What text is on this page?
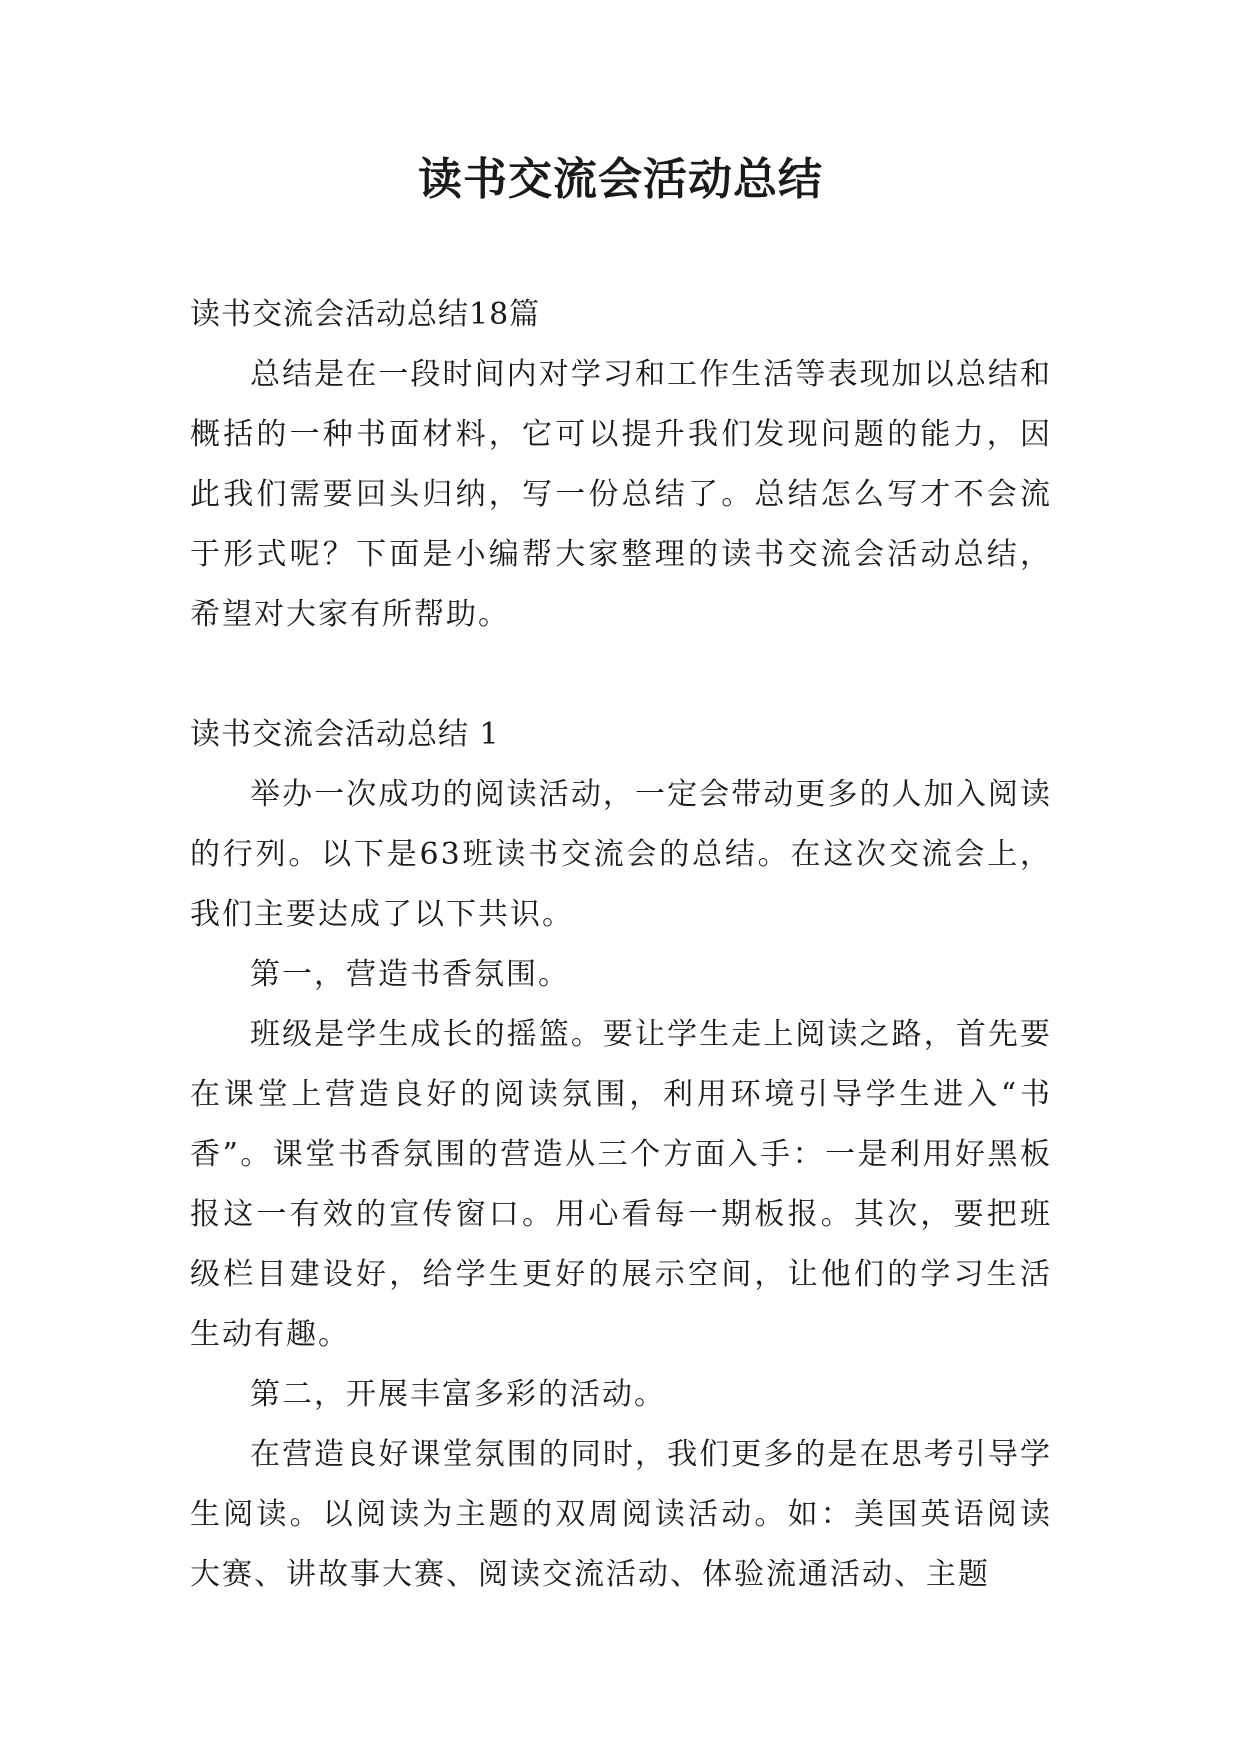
读书交流会活动总结

读书交流会活动总结18篇

总结是在一段时间内对学习和工作生活等表现加以总结和概括的一种书面材料，它可以提升我们发现问题的能力，因此我们需要回头归纳，写一份总结了。总结怎么写才不会流于形式呢？下面是小编帮大家整理的读书交流会活动总结，希望对大家有所帮助。

读书交流会活动总结 1

举办一次成功的阅读活动，一定会带动更多的人加入阅读的行列。以下是63班读书交流会的总结。在这次交流会上，我们主要达成了以下共识。

第一，营造书香氛围。

班级是学生成长的摇篮。要让学生走上阅读之路，首先要在课堂上营造良好的阅读氛围，利用环境引导学生进入“书香”。课堂书香氛围的营造从三个方面入手：一是利用好黑板报这一有效的宣传窗口。用心看每一期板报。其次，要把班级栏目建设好，给学生更好的展示空间，让他们的学习生活生动有趣。

第二，开展丰富多彩的活动。

在营造良好课堂氛围的同时，我们更多的是在思考引导学生阅读。以阅读为主题的双周阅读活动。如：美国英语阅读大赛、讲故事大赛、阅读交流活动、体验流通活动、主题
